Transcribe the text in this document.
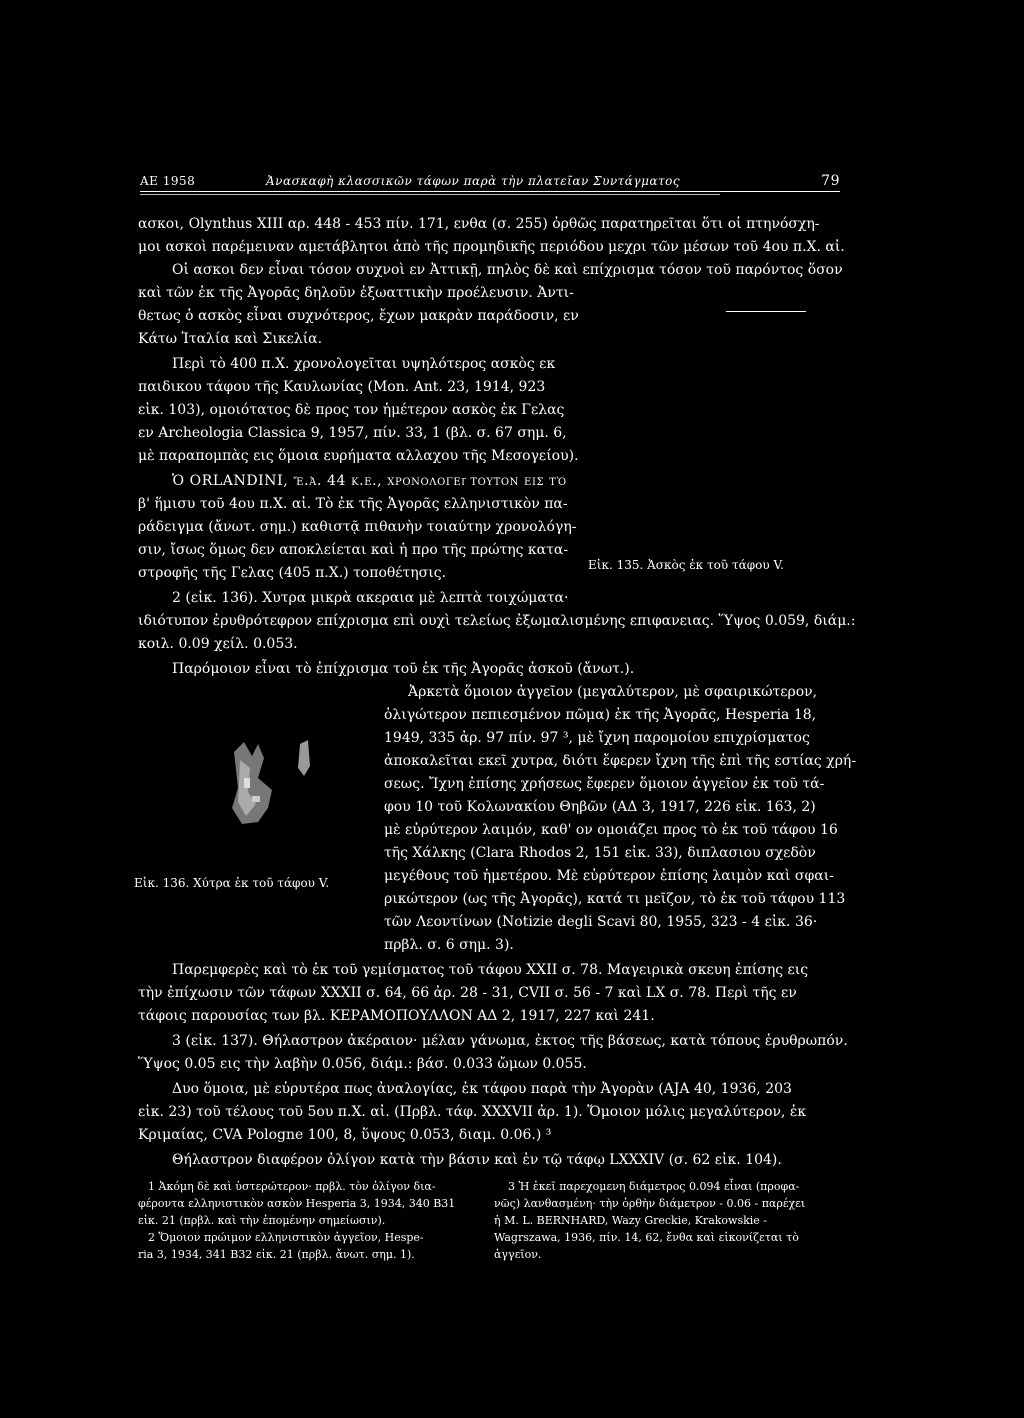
ΑΕ 1958	Ἀνασκαφὴ κλασσικῶν τάφων παρὰ τὴν πλατεῖαν Συντάγματος	79
ασκοι, Olynthus XIII αρ. 448 - 453 πίν. 171, ενθα (σ. 255) ὀρθῶς παρατηρεῖται ὅτι οἱ πτηνόσχη-
μοι ασκοὶ παρέμειναν αμετάβλητοι ἀπὸ τῆς προμηδικῆς περιόδου μεχρι τῶν μέσων τοῦ 4ου π.Χ. αἰ.
Οἱ ασκοι δεν εἶναι τόσον συχνοὶ εν Ἀττικῇ, πηλὸς δὲ καὶ επίχρισμα τόσον τοῦ παρόντος ὅσον
καὶ τῶν ἐκ τῆς Ἀγορᾶς δηλοῦν ἐξωαττικὴν προέλευσιν. Ἀντι-
θετως ὁ ασκὸς εἶναι συχνότερος, ἔχων μακρὰν παράδοσιν, εν
Κάτω Ἰταλία καὶ Σικελία.
Περὶ τὸ 400 π.Χ. χρονολογεῖται υψηλότερος ασκὸς εκ
παιδικου τάφου τῆς Καυλωνίας (Mon. Ant. 23, 1914, 923
εἰκ. 103), ομοιότατος δὲ προς τον ἡμέτερον ασκὸς ἐκ Γελας
εν Archeologia Classica 9, 1957, πίν. 33, 1 (βλ. σ. 67 σημ. 6,
μὲ παραπομπὰς εις ὅμοια ευρήματα αλλαχου τῆς Μεσογείου).
Ὁ ORLANDINI, ἔ.ἀ. 44 κ.ε., χρονολογεῖ τουτον εις τὸ
β' ἥμισυ τοῦ 4ου π.Χ. αἰ. Τὸ ἐκ τῆς Ἀγορᾶς ελληνιστικὸν πα-
ράδειγμα (ἄνωτ. σημ.) καθιστᾷ πιθανὴν τοιαύτην χρονολόγη-
σιν, ἴσως ὅμως δεν αποκλείεται καὶ ἡ προ τῆς πρώτης κατα-
στροφῆς τῆς Γελας (405 π.Χ.) τοποθέτησις.	Εἰκ. 135. Ἀσκὸς ἐκ τοῦ τάφου V.
2 (εἰκ. 136). Χυτρα μικρὰ ακεραια μὲ λεπτὰ τοιχώματα·
ιδιότυπον ἐρυθρότεφρον επίχρισμα επὶ ουχὶ τελείως ἐξωμαλισμένης επιφανειας. Ὕψος 0.059, διάμ.:
κοιλ. 0.09 χείλ. 0.053.
Παρόμοιον εἶναι τὸ ἐπίχρισμα τοῦ ἐκ τῆς Ἀγορᾶς ἀσκοῦ (ἄνωτ.).
Ἀρκετὰ ὅμοιον ἀγγεῖον (μεγαλύτερον, μὲ σφαιρικώτερον,
ὀλιγώτερον πεπιεσμένον πῶμα) ἐκ τῆς Ἀγορᾶς, Hesperia 18,
1949, 335 ἀρ. 97 πίν. 97 ³, μὲ ἴχνη παρομοίου επιχρίσματος
ἀποκαλεῖται εκεῖ χυτρα, διότι ἔφερεν ἴχνη τῆς ἐπὶ τῆς εστίας χρή-
σεως. Ἴχνη ἐπίσης χρήσεως ἔφερεν ὅμοιον ἀγγεῖον ἐκ τοῦ τά-
φου 10 τοῦ Κολωνακίου Θηβῶν (ΑΔ 3, 1917, 226 εἰκ. 163, 2)
μὲ εὐρύτερον λαιμόν, καθ' ον ομοιάζει προς τὸ ἐκ τοῦ τάφου 16
τῆς Χάλκης (Clara Rhodos 2, 151 εἰκ. 33), διπλασιου σχεδὸν
μεγέθους τοῦ ἡμετέρου. Μὲ εὐρύτερον ἐπίσης λαιμὸν καὶ σφαι-
ρικώτερον (ως τῆς Ἀγορᾶς), κατά τι μεῖζον, τὸ ἐκ τοῦ τάφου 113
τῶν Λεοντίνων (Notizie degli Scavi 80, 1955, 323 - 4 εἰκ. 36·
πρβλ. σ. 6 σημ. 3).
Εἰκ. 136. Χύτρα ἐκ τοῦ τάφου V.
Παρεμφερὲς καὶ τὸ ἐκ τοῦ γεμίσματος τοῦ τάφου XXII σ. 78. Μαγειρικὰ σκευη ἐπίσης εις
τὴν ἐπίχωσιν τῶν τάφων XXXII σ. 64, 66 ἀρ. 28 - 31, CVII σ. 56 - 7 καὶ LX σ. 78. Περὶ τῆς εν
τάφοις παρουσίας των βλ. ΚΕΡΑΜΟΠΟΥΛΛΟΝ ΑΔ 2, 1917, 227 καὶ 241.
3 (εἰκ. 137). Θήλαστρον ἀκέραιον· μέλαν γάνωμα, ἐκτος τῆς βάσεως, κατὰ τόπους ἐρυθρωπόν.
Ὕψος 0.05 εις τὴν λαβὴν 0.056, διάμ.: βάσ. 0.033 ὤμων 0.055.
Δυο ὅμοια, μὲ εὐρυτέρα πως ἀναλογίας, ἐκ τάφου παρὰ τὴν Ἀγορὰν (AJA 40, 1936, 203
εἰκ. 23) τοῦ τέλους τοῦ 5ου π.Χ. αἰ. (Πρβλ. τάφ. XXXVII ἀρ. 1). Ὅμοιον μόλις μεγαλύτερον, ἐκ
Κριμαίας, CVA Pologne 100, 8, ὕψους 0.053, διαμ. 0.06.) ³
Θήλαστρον διαφέρον ὀλίγον κατὰ τὴν βάσιν καὶ ἐν τῷ τάφῳ LXXXIV (σ. 62 εἰκ. 104).
1 Ἀκόμη δὲ καὶ ὑστερώτερον· πρβλ. τὸν ὀλίγον δια-
φέροντα ελληνιστικὸν ασκὸν Hesperia 3, 1934, 340 B31
εἰκ. 21 (πρβλ. καὶ τὴν ἑπομένην σημείωσιν).
2 Ὅμοιον πρώιμον ελληνιστικὸν ἀγγεῖον, Hespe-
ria 3, 1934, 341 B32 εἰκ. 21 (πρβλ. ἄνωτ. σημ. 1).
3 Ἡ ἐκεῖ παρεχομενη διάμετρος 0.094 εἶναι (προφα-
νῶς) λανθασμένη· τὴν ὀρθὴν διάμετρον - 0.06 - παρέχει
ἡ M. L. BERNHARD, Wazy Greckie, Krakowskie -
Wagrszawa, 1936, πίν. 14, 62, ἔνθα καὶ εἰκονίζεται τὸ
ἀγγεῖον.
